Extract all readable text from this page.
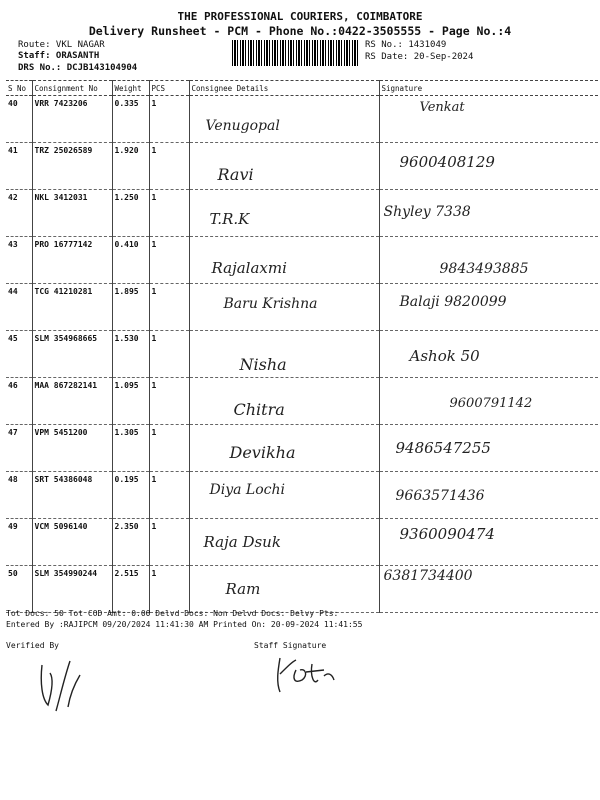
THE PROFESSIONAL COURIERS, COIMBATORE
Delivery Runsheet - PCM - Phone No.:0422-3505555 - Page No.:4
Route: VKL NAGAR
Staff: ORASANTH
DRS No.: DCJB143104904
RS No.: 1431049
RS Date: 20-Sep-2024
S No	Consignment No	Weight	PCS	Consignee Details	Signature
40	VRR 7423206	0.335	1	Venugopal	Venkat

41	TRZ 25026589	1.920	1	Ravi	9600408129

42	NKL 3412031	1.250	1	T.R.K	Shyley 7338

43	PRO 16777142	0.410	1	Rajalaxmi	9843493885

44	TCG 41210281	1.895	1	Baru Krishna	Balaji 9820099

45	SLM 354968665	1.530	1	Nisha	Ashok 50

46	MAA 867282141	1.095	1	Chitra	9600791142

47	VPM 5451200	1.305	1	Devikha	9486547255

48	SRT 54386048	0.195	1	Diya Lochi	9663571436

49	VCM 5096140	2.350	1	Raja Dsuk	9360090474

50	SLM 354990244	2.515	1	Ram	6381734400
Tot Docs: 50 Tot COD Amt: 0.00 Delvd Docs: Non Delvd Docs: Delvy Pts:
Entered By :RAJIPCM 09/20/2024 11:41:30 AM Printed On: 20-09-2024 11:41:55
Verified By	Staff Signature
